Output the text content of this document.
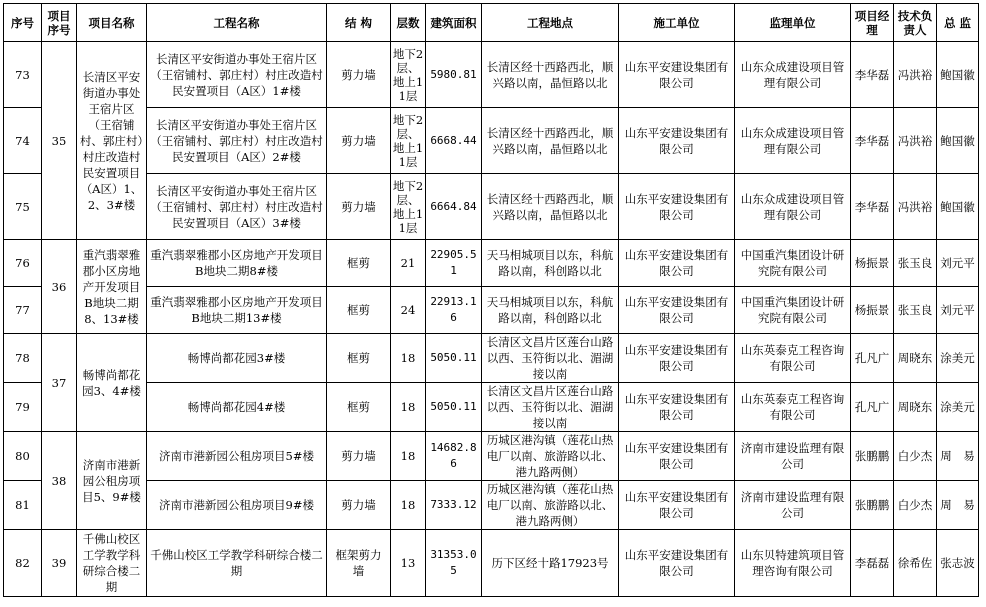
序号	项目序号	项目名称	工程名称	结 构	层数	建筑面积	工程地点	施工单位	监理单位	项目经理	技术负责人	总 监
73	35	长清区平安街道办事处王宿片区（王宿铺村、郭庄村）村庄改造村民安置项目（A区）1、2、3#楼	长清区平安街道办事处王宿片区（王宿铺村、郭庄村）村庄改造村民安置项目（A区）1#楼	剪力墙	地下2层、地上11层	5980.81	长清区经十西路西北，顺兴路以南，晶恒路以北	山东平安建设集团有限公司	山东众成建设项目管理有限公司	李华磊	冯洪裕	鲍国徽
74			长清区平安街道办事处王宿片区（王宿铺村、郭庄村）村庄改造村民安置项目（A区）2#楼	剪力墙	地下2层、地上11层	6668.44	长清区经十西路西北，顺兴路以南，晶恒路以北	山东平安建设集团有限公司	山东众成建设项目管理有限公司	李华磊	冯洪裕	鲍国徽
75			长清区平安街道办事处王宿片区（王宿铺村、郭庄村）村庄改造村民安置项目（A区）3#楼	剪力墙	地下2层、地上11层	6664.84	长清区经十西路西北，顺兴路以南，晶恒路以北	山东平安建设集团有限公司	山东众成建设项目管理有限公司	李华磊	冯洪裕	鲍国徽
76	36	重汽翡翠雅郡小区房地产开发项目B地块二期8、13#楼	重汽翡翠雅郡小区房地产开发项目B地块二期8#楼	框剪	21	22905.51	天马相城项目以东，科航路以南，科创路以北	山东平安建设集团有限公司	中国重汽集团设计研究院有限公司	杨振景	张玉良	刘元平
77			重汽翡翠雅郡小区房地产开发项目B地块二期13#楼	框剪	24	22913.16	天马相城项目以东，科航路以南，科创路以北	山东平安建设集团有限公司	中国重汽集团设计研究院有限公司	杨振景	张玉良	刘元平
78	37	畅博尚都花园3、4#楼	畅博尚都花园3#楼	框剪	18	5050.11	长清区文昌片区莲台山路以西、玉符街以北、湄湖接以南	山东平安建设集团有限公司	山东英泰克工程咨询有限公司	孔凡广	周晓东	涂美元
79			畅博尚都花园4#楼	框剪	18	5050.11	长清区文昌片区莲台山路以西、玉符街以北、湄湖接以南	山东平安建设集团有限公司	山东英泰克工程咨询有限公司	孔凡广	周晓东	涂美元
80	38	济南市港新园公租房项目5、9#楼	济南市港新园公租房项目5#楼	剪力墙	18	14682.86	历城区港沟镇（莲花山热电厂以南、旅游路以北、港九路两侧）	山东平安建设集团有限公司	济南市建设监理有限公司	张鹏鹏	白少杰	周　易
81			济南市港新园公租房项目9#楼	剪力墙	18	7333.12	历城区港沟镇（莲花山热电厂以南、旅游路以北、港九路两侧）	山东平安建设集团有限公司	济南市建设监理有限公司	张鹏鹏	白少杰	周　易
82	39	千佛山校区工学教学科研综合楼二期	千佛山校区工学教学科研综合楼二期	框架剪力墙	13	31353.05	历下区经十路17923号	山东平安建设集团有限公司	山东贝特建筑项目管理咨询有限公司	李磊磊	徐希佐	张志波
